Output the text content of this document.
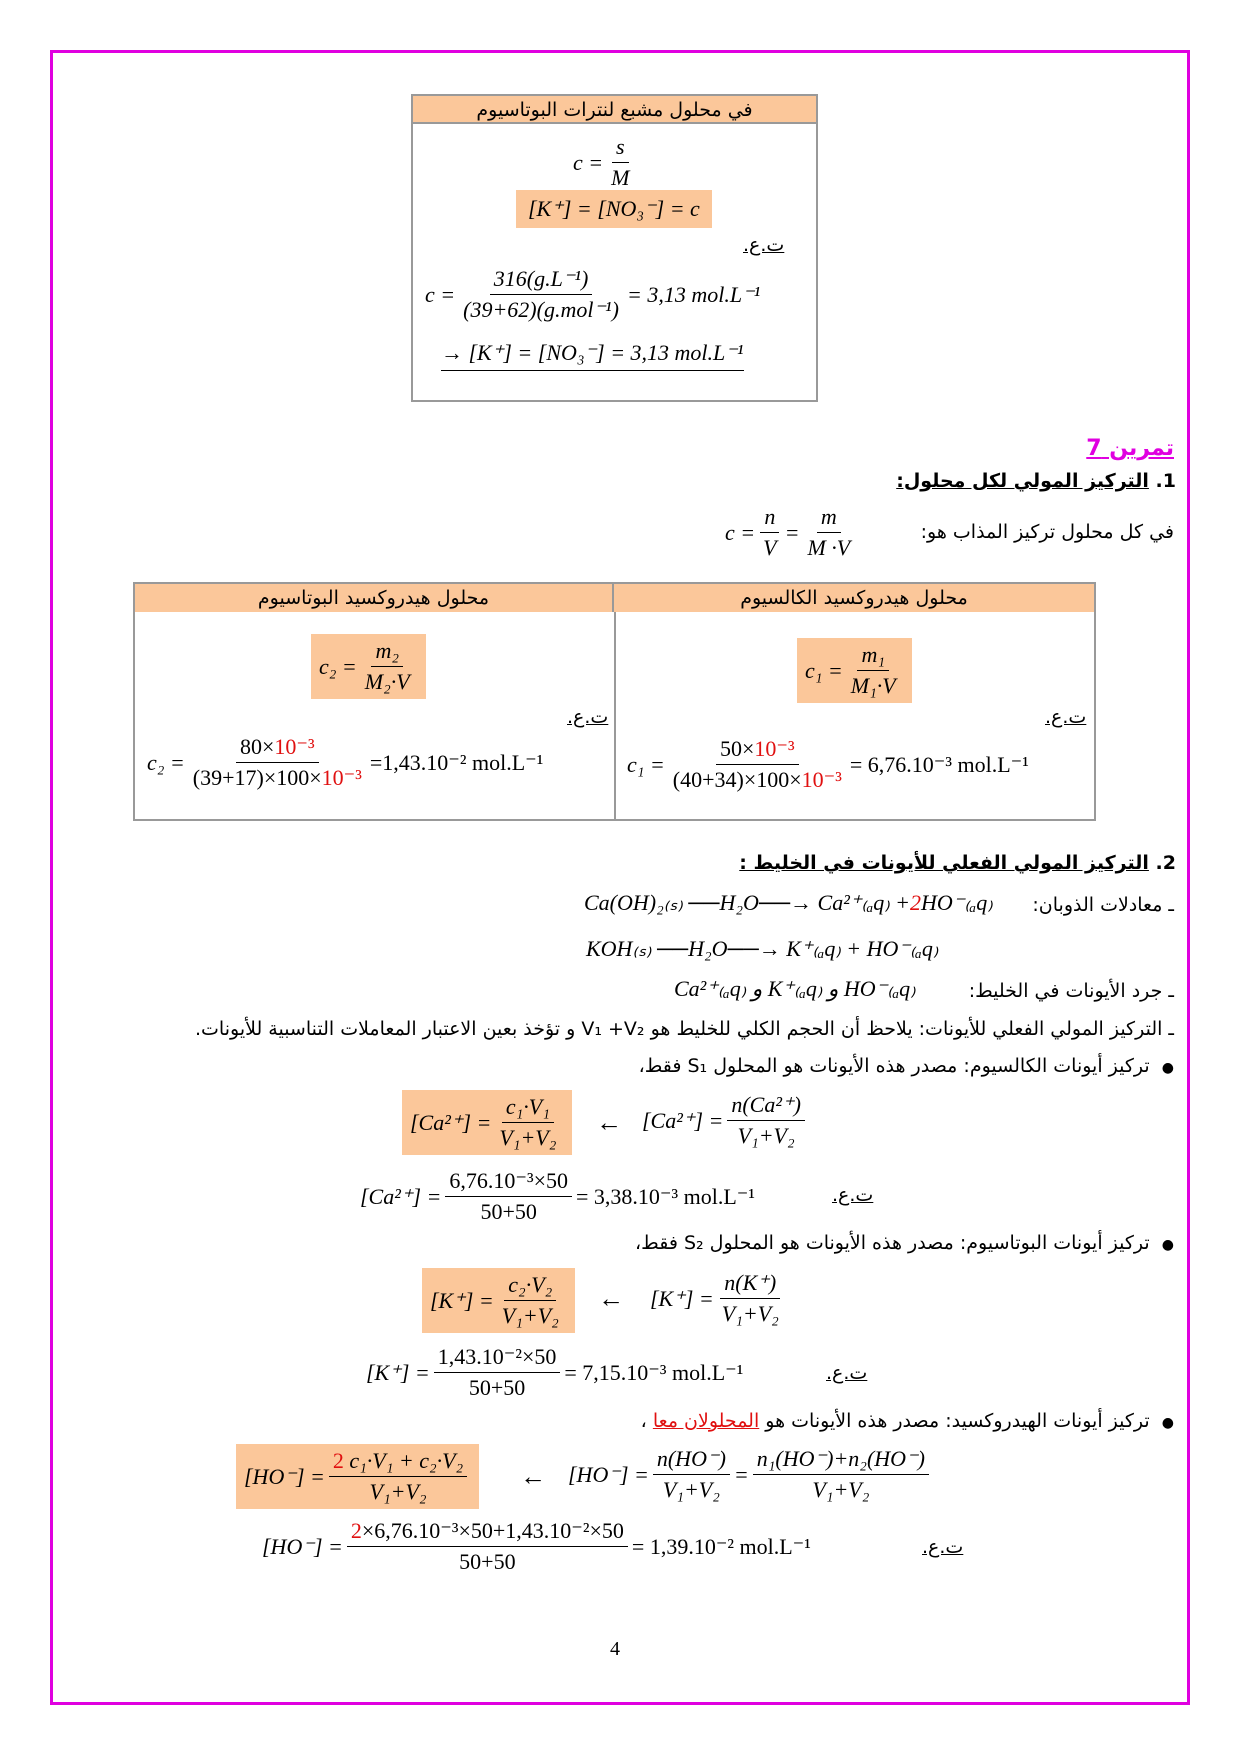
في محلول مشبع لنترات البوتاسيوم
$c = \frac{s}{M}$
[K⁺] = [NO₃⁻] = c
ت.ع.
$c = \frac{\text{316(g.L⁻¹)}}{\text{(39+62)(g.mol⁻¹)}} = 3,13$ mol.L⁻¹
→ [K⁺] = [NO₃⁻] = 3,13 mol.L⁻¹
تمرين 7
1. التركيز المولي لكل محلول:
في كل محلول تركيز المذاب هو:
$c = \frac{n}{V} = \frac{m}{M \cdot V}$
محلول هيدروكسيد البوتاسيوم	محلول هيدروكسيد الكالسيوم
$c_2 = \frac{\text{m₂}}{\text{M₂·V}}$
ت.ع.
$c_2 = \frac{\text{80×10⁻³}}{\text{(39+17)×100×10⁻³}} =1,43.10^{-2}$ mol.L⁻¹
$c_1 = \frac{\text{m₁}}{\text{M₁·V}}$
ت.ع.
$c_1 = \frac{\text{50×10⁻³}}{\text{(40+34)×100×10⁻³}} = 6,76.10^{-3}$ mol.L⁻¹
2. التركيز المولي الفعلي للأيونات في الخليط :
ـ معادلات الذوبان:
Ca(OH)₂₍ₛ₎ ──H₂O──→ Ca²⁺₍ₐq₎ +2HO⁻₍ₐq₎
KOH₍ₛ₎ ──H₂O──→ K⁺₍ₐq₎ + HO⁻₍ₐq₎
ـ جرد الأيونات في الخليط:
HO⁻₍ₐq₎ و K⁺₍ₐq₎ و Ca²⁺₍ₐq₎
ـ التركيز المولي الفعلي للأيونات: يلاحظ أن الحجم الكلي للخليط هو V₁ +V₂ و تؤخذ بعين الاعتبار المعاملات التناسبية للأيونات.
●  تركيز أيونات الكالسيوم: مصدر هذه الأيونات هو المحلول S₁ فقط،
$[Ca^{2+}] = \frac{\text{c₁·V₁}}{\text{V₁+V₂}}$ ← $[Ca^{2+}] = \frac{\text{n(Ca²⁺)}}{\text{V₁+V₂}}$
$[Ca^{2+}] = \frac{\text{6,76.10⁻³×50}}{50+50} = 3,38.10^{-3}$ mol.L⁻¹	ت.ع.
●  تركيز أيونات البوتاسيوم: مصدر هذه الأيونات هو المحلول S₂ فقط،
$[K^+] = \frac{\text{c₂·V₂}}{\text{V₁+V₂}}$ ← $[K^+] = \frac{n(K^+)}{\text{V₁+V₂}}$
$[K^+] = \frac{\text{1,43.10⁻²×50}}{50+50} = 7,15.10^{-3}$ mol.L⁻¹	ت.ع.
●  تركيز أيونات الهيدروكسيد: مصدر هذه الأيونات هو المحلولان معا ،
$[HO^-] = \frac{\text{2 c₁·V₁ + c₂·V₂}}{\text{V₁+V₂}}$ ← $[HO^-] = \frac{n(HO^-)}{\text{V₁+V₂}} = \frac{\text{n₁(HO⁻)+n₂(HO⁻)}}{\text{V₁+V₂}}$
$[HO^-] = \frac{\text{2×6,76.10⁻³×50+1,43.10⁻²×50}}{50+50} = 1,39.10^{-2}$ mol.L⁻¹	ت.ع.
4
